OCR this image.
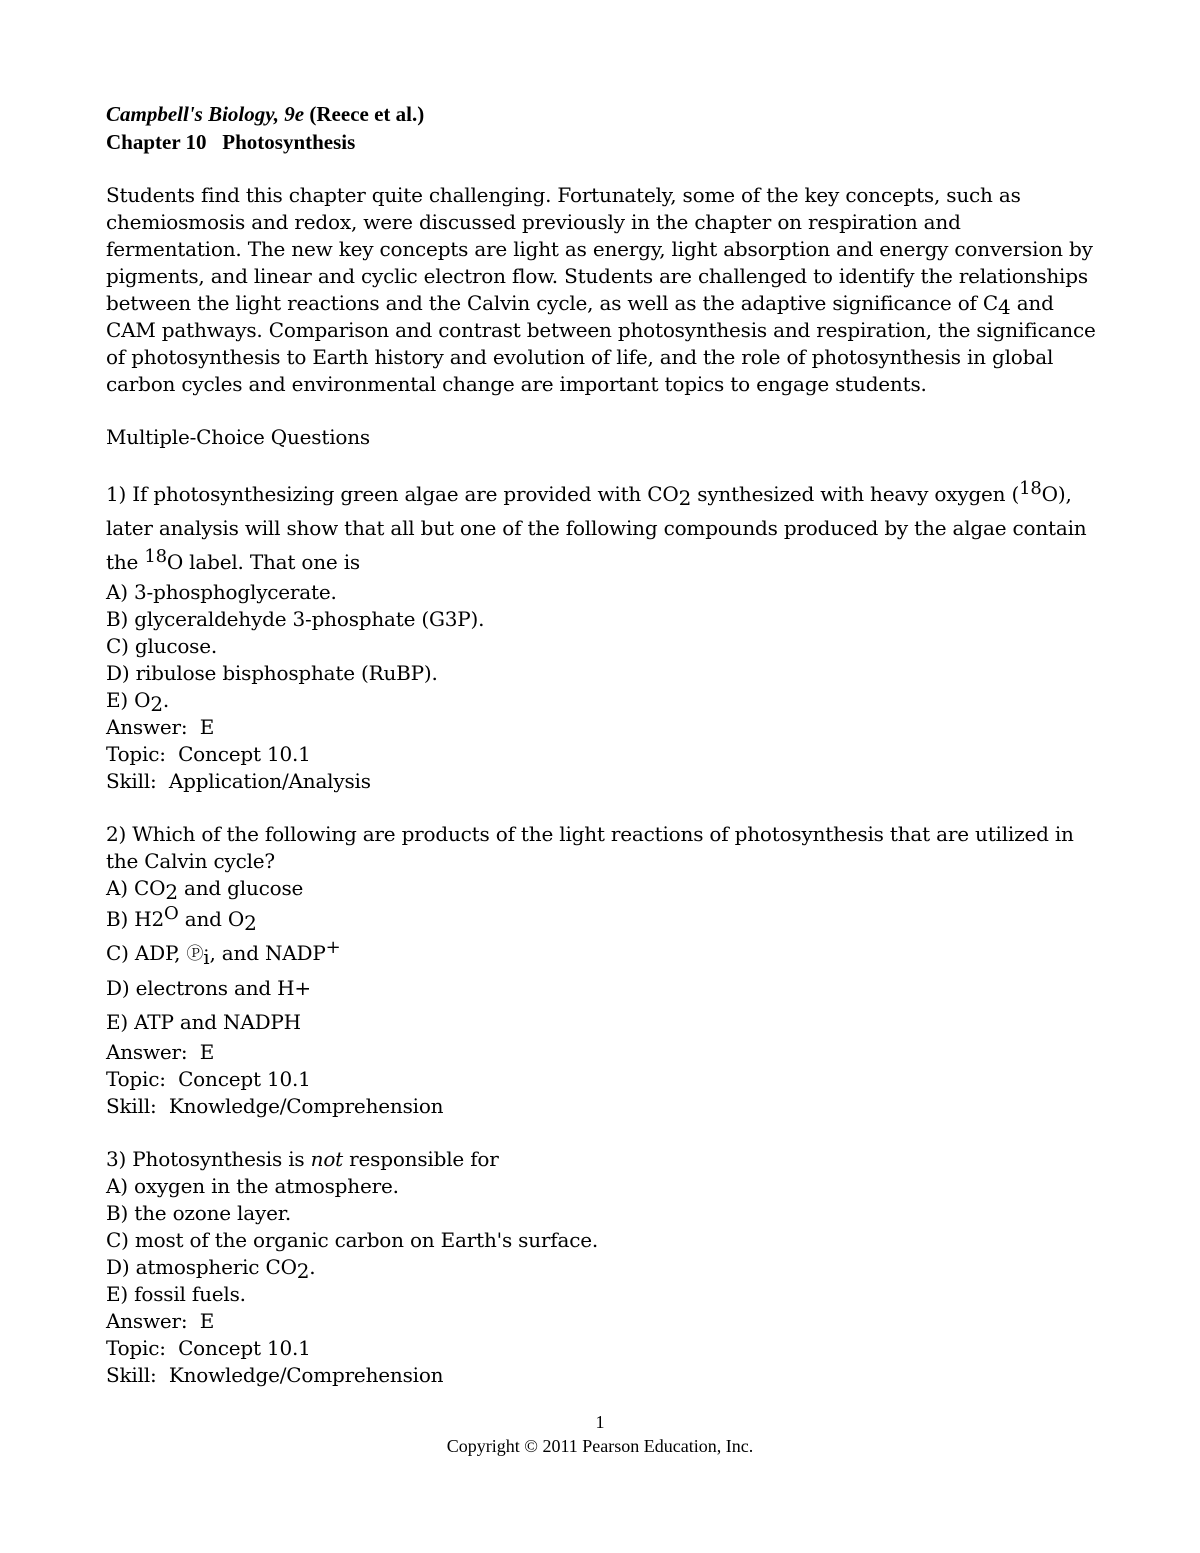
Campbell's Biology, 9e (Reece et al.)
Chapter 10   Photosynthesis

Students find this chapter quite challenging. Fortunately, some of the key concepts, such as chemiosmosis and redox, were discussed previously in the chapter on respiration and fermentation. The new key concepts are light as energy, light absorption and energy conversion by pigments, and linear and cyclic electron flow. Students are challenged to identify the relationships between the light reactions and the Calvin cycle, as well as the adaptive significance of C4 and CAM pathways. Comparison and contrast between photosynthesis and respiration, the significance of photosynthesis to Earth history and evolution of life, and the role of photosynthesis in global carbon cycles and environmental change are important topics to engage students.

Multiple-Choice Questions

1) If photosynthesizing green algae are provided with CO2 synthesized with heavy oxygen (18O), later analysis will show that all but one of the following compounds produced by the algae contain the 18O label. That one is

A) 3-phosphoglycerate.

B) glyceraldehyde 3-phosphate (G3P).

C) glucose.

D) ribulose bisphosphate (RuBP).

E) O2.

Answer:  E

Topic:  Concept 10.1

Skill:  Application/Analysis

2) Which of the following are products of the light reactions of photosynthesis that are utilized in the Calvin cycle?

A) CO2 and glucose

B) H2O and O2

C) ADP, Ⓟi, and NADP+

D) electrons and H+

E) ATP and NADPH

Answer:  E

Topic:  Concept 10.1

Skill:  Knowledge/Comprehension

3) Photosynthesis is not responsible for

A) oxygen in the atmosphere.

B) the ozone layer.

C) most of the organic carbon on Earth's surface.

D) atmospheric CO2.

E) fossil fuels.

Answer:  E

Topic:  Concept 10.1

Skill:  Knowledge/Comprehension

1
Copyright © 2011 Pearson Education, Inc.
